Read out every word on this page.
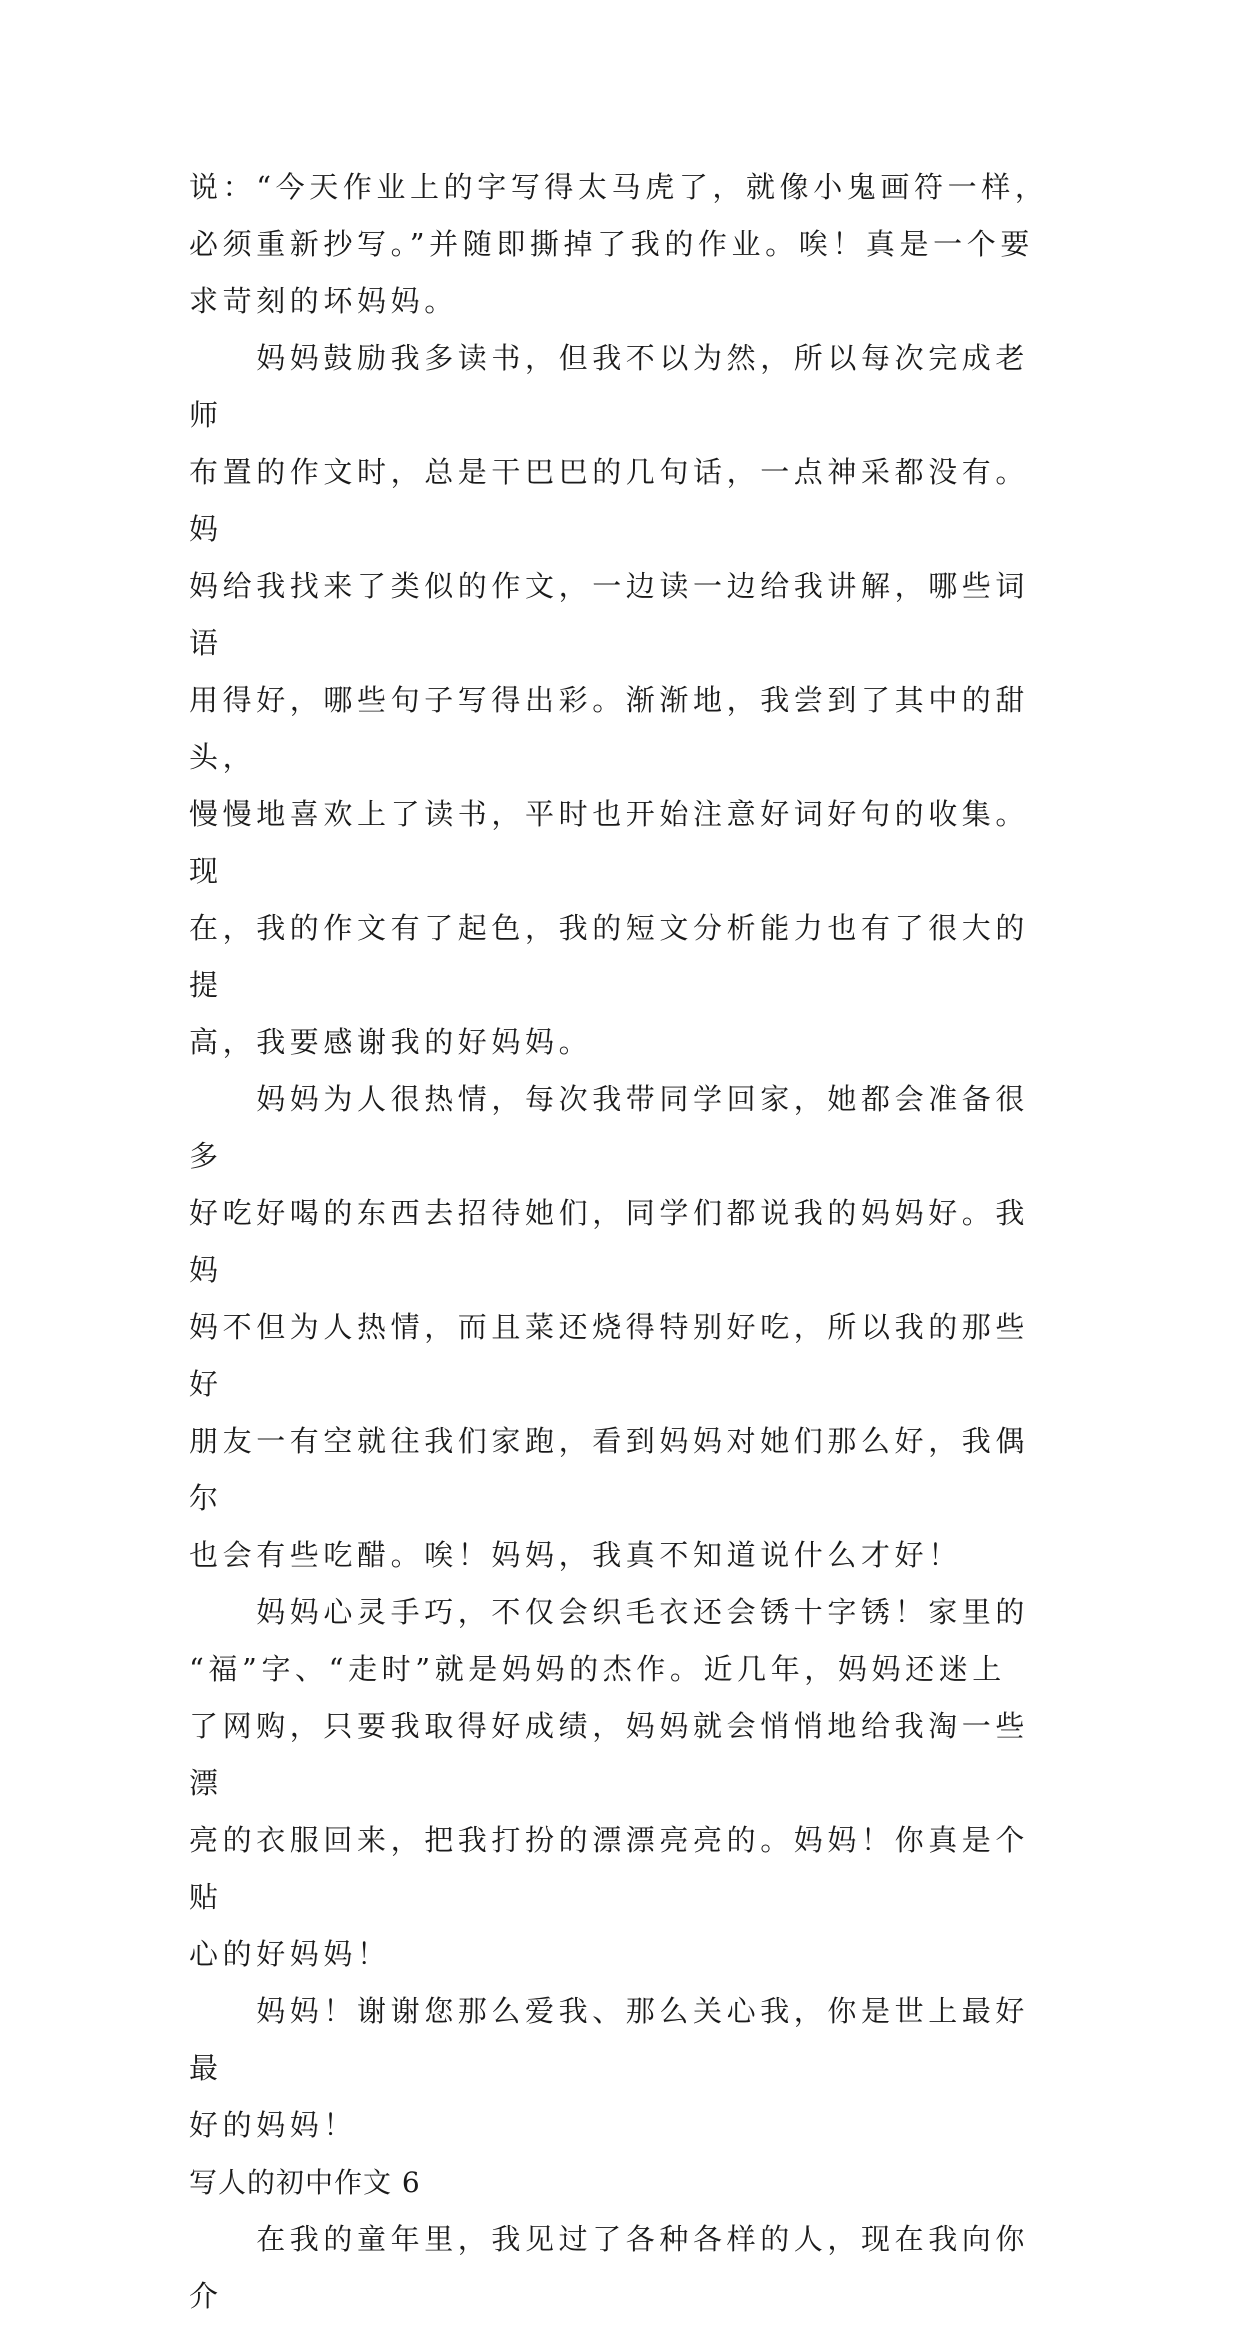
说：“今天作业上的字写得太马虎了，就像小鬼画符一样，
必须重新抄写。”并随即撕掉了我的作业。唉！真是一个要
求苛刻的坏妈妈。

　　妈妈鼓励我多读书，但我不以为然，所以每次完成老师
布置的作文时，总是干巴巴的几句话，一点神采都没有。妈
妈给我找来了类似的作文，一边读一边给我讲解，哪些词语
用得好，哪些句子写得出彩。渐渐地，我尝到了其中的甜头，
慢慢地喜欢上了读书，平时也开始注意好词好句的收集。现
在，我的作文有了起色，我的短文分析能力也有了很大的提
高，我要感谢我的好妈妈。

　　妈妈为人很热情，每次我带同学回家，她都会准备很多
好吃好喝的东西去招待她们，同学们都说我的妈妈好。我妈
妈不但为人热情，而且菜还烧得特别好吃，所以我的那些好
朋友一有空就往我们家跑，看到妈妈对她们那么好，我偶尔
也会有些吃醋。唉！妈妈，我真不知道说什么才好！

　　妈妈心灵手巧，不仅会织毛衣还会锈十字锈！家里的
“福”字、“走时”就是妈妈的杰作。近几年，妈妈还迷上
了网购，只要我取得好成绩，妈妈就会悄悄地给我淘一些漂
亮的衣服回来，把我打扮的漂漂亮亮的。妈妈！你真是个贴
心的好妈妈！

　　妈妈！谢谢您那么爱我、那么关心我，你是世上最好最
好的妈妈！

写人的初中作文 6

　　在我的童年里，我见过了各种各样的人，现在我向你介
